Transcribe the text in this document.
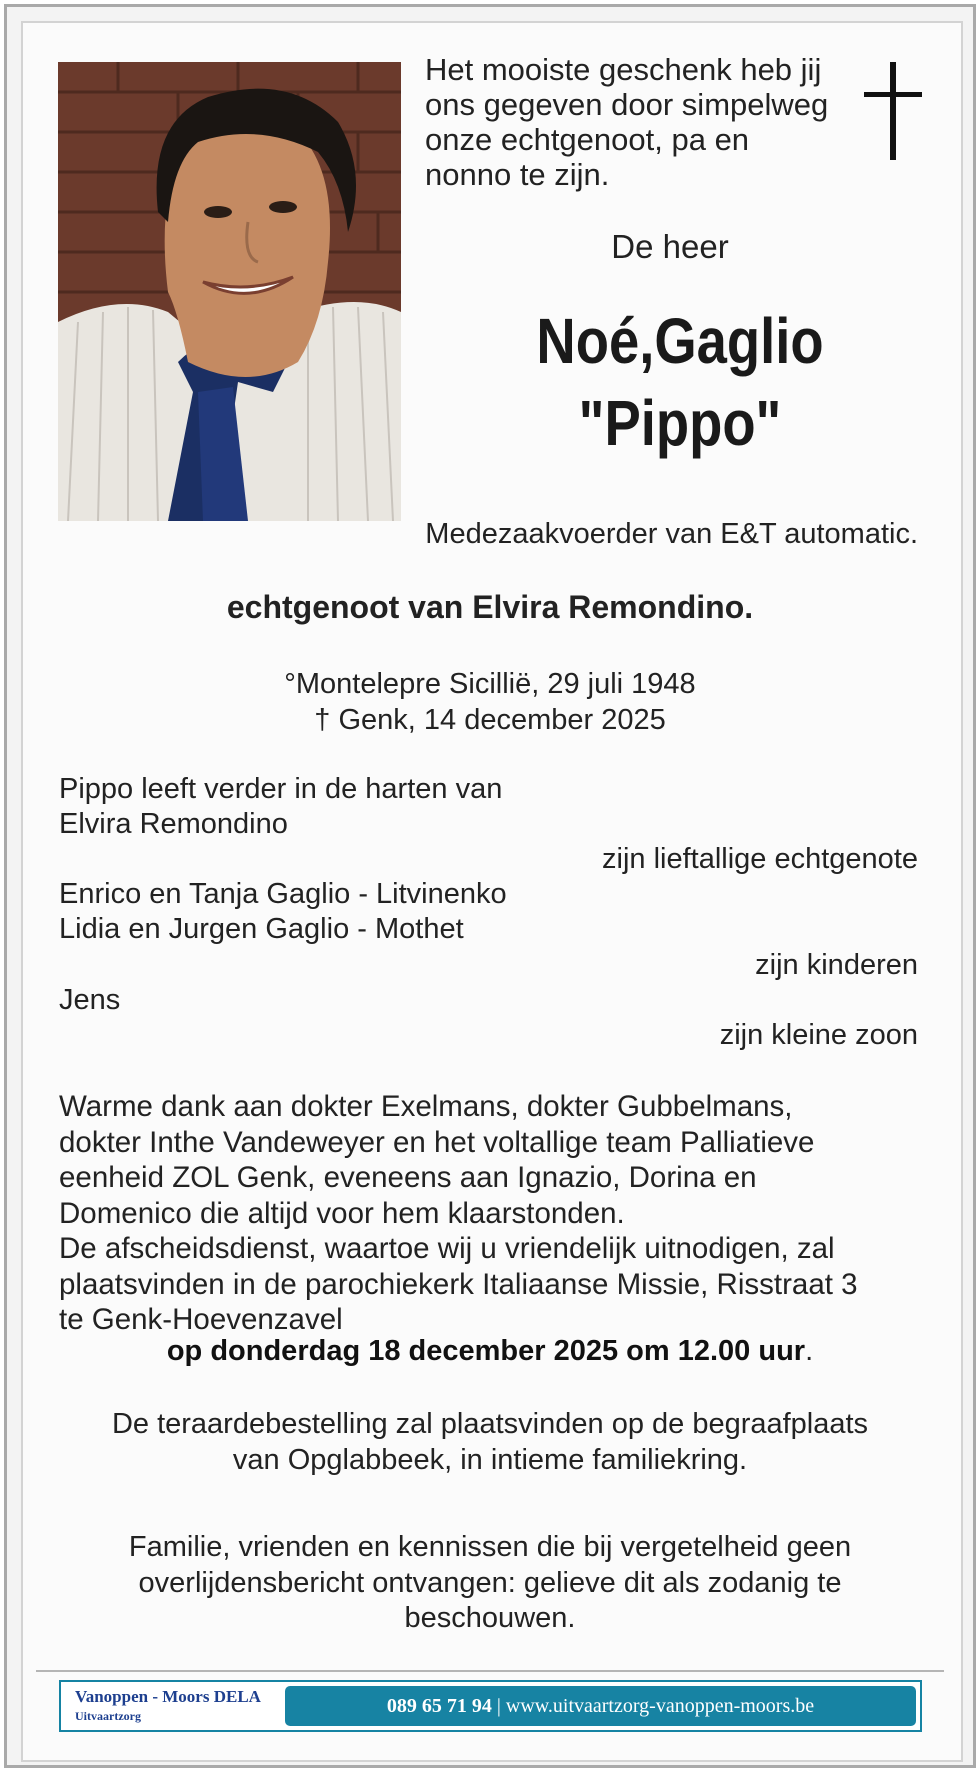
Het mooiste geschenk heb jij
ons gegeven door simpelweg
onze echtgenoot, pa en
nonno te zijn.
De heer
Noé,Gaglio
"Pippo"
Medezaakvoerder van E&T automatic.
echtgenoot van Elvira Remondino.
°Montelepre Sicillië, 29 juli 1948
† Genk, 14 december 2025
Pippo leeft verder in de harten van
Elvira Remondino
zijn lieftallige echtgenote
Enrico en Tanja Gaglio - Litvinenko
Lidia en Jurgen Gaglio - Mothet
zijn kinderen
Jens
zijn kleine zoon
Warme dank aan dokter Exelmans, dokter Gubbelmans,
dokter Inthe Vandeweyer en het voltallige team Palliatieve
eenheid ZOL Genk, eveneens aan Ignazio, Dorina en
Domenico die altijd voor hem klaarstonden.
De afscheidsdienst, waartoe wij u vriendelijk uitnodigen, zal
plaatsvinden in de parochiekerk Italiaanse Missie, Risstraat 3
te Genk-Hoevenzavel
op donderdag 18 december 2025 om 12.00 uur.
De teraardebestelling zal plaatsvinden op de begraafplaats
van Opglabbeek, in intieme familiekring.
Familie, vrienden en kennissen die bij vergetelheid geen
overlijdensbericht ontvangen: gelieve dit als zodanig te
beschouwen.
Vanoppen - Moors DELA
Uitvaartzorg	089 65 71 94 | www.uitvaartzorg-vanoppen-moors.be
